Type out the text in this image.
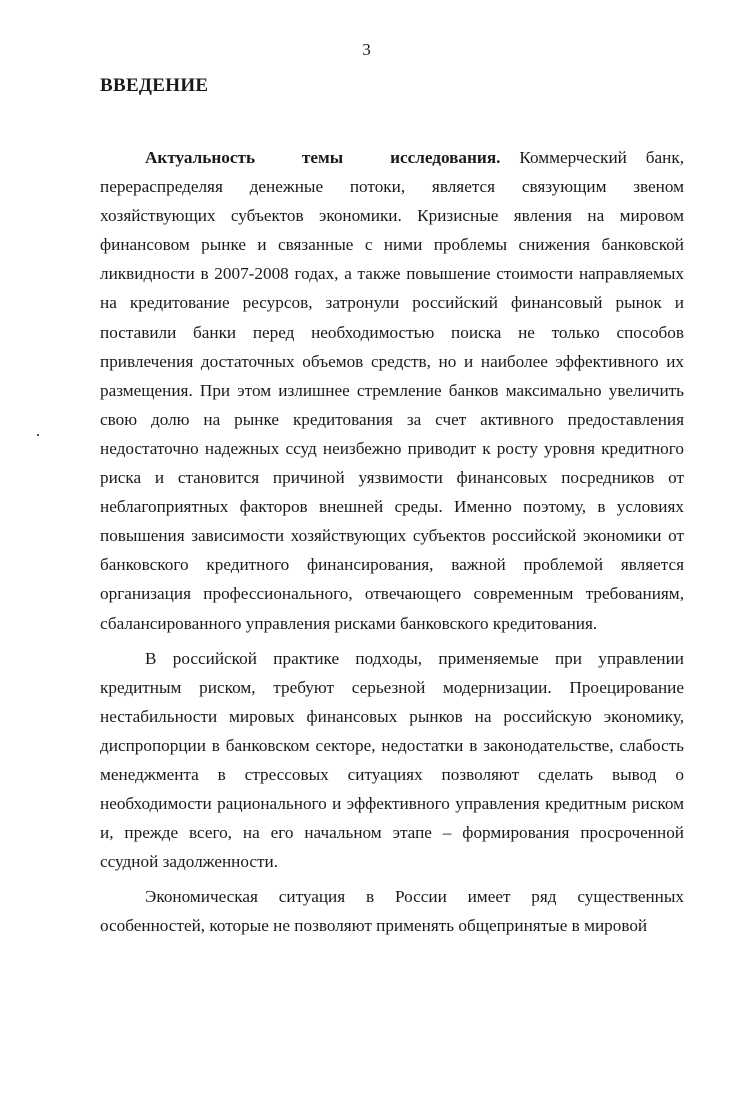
3
ВВЕДЕНИЕ

Актуальность темы исследования. Коммерческий банк, перераспределяя денежные потоки, является связующим звеном хозяйствующих субъектов экономики. Кризисные явления на мировом финансовом рынке и связанные с ними проблемы снижения банковской ликвидности в 2007-2008 годах, а также повышение стоимости направляемых на кредитование ресурсов, затронули российский финансовый рынок и поставили банки перед необходимостью поиска не только способов привлечения достаточных объемов средств, но и наиболее эффективного их размещения. При этом излишнее стремление банков максимально увеличить свою долю на рынке кредитования за счет активного предоставления недостаточно надежных ссуд неизбежно приводит к росту уровня кредитного риска и становится причиной уязвимости финансовых посредников от неблагоприятных факторов внешней среды. Именно поэтому, в условиях повышения зависимости хозяйствующих субъектов российской экономики от банковского кредитного финансирования, важной проблемой является организация профессионального, отвечающего современным требованиям, сбалансированного управления рисками банковского кредитования.

В российской практике подходы, применяемые при управлении кредитным риском, требуют серьезной модернизации. Проецирование нестабильности мировых финансовых рынков на российскую экономику, диспропорции в банковском секторе, недостатки в законодательстве, слабость менеджмента в стрессовых ситуациях позволяют сделать вывод о необходимости рационального и эффективного управления кредитным риском и, прежде всего, на его начальном этапе – формирования просроченной ссудной задолженности.

Экономическая ситуация в России имеет ряд существенных особенностей, которые не позволяют применять общепринятые в мировой
